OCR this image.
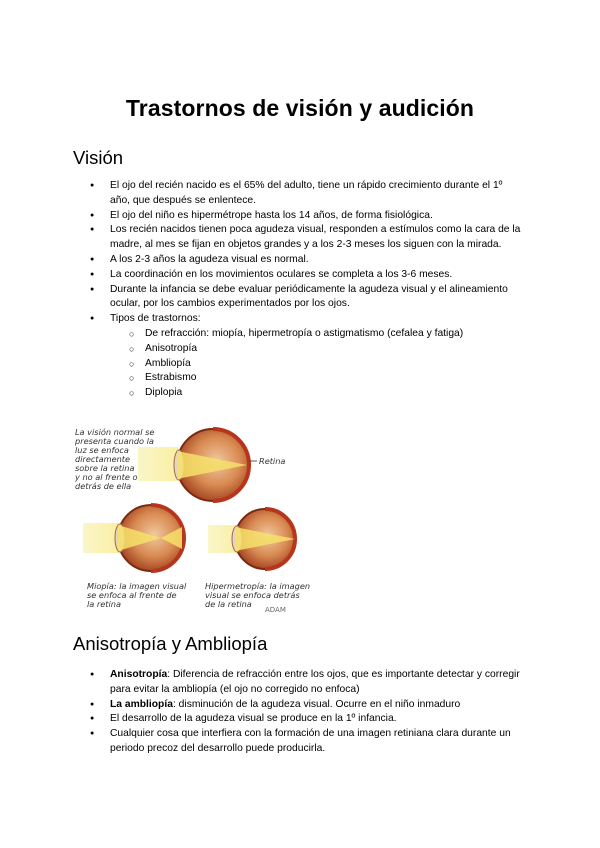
Trastornos de visión y audición
Visión
● El ojo del recién nacido es el 65% del adulto, tiene un rápido crecimiento durante el 1º año, que después se enlentece.
● El ojo del niño es hipermétrope hasta los 14 años, de forma fisiológica.
● Los recién nacidos tienen poca agudeza visual, responden a estímulos como la cara de la madre, al mes se fijan en objetos grandes y a los 2-3 meses los siguen con la mirada.
● A los 2-3 años la agudeza visual es normal.
● La coordinación en los movimientos oculares se completa a los 3-6 meses.
● Durante la infancia se debe evaluar periódicamente la agudeza visual y el alineamiento ocular, por los cambios experimentados por los ojos.
● Tipos de trastornos:
○ De refracción: miopía, hipermetropía o astigmatismo (cefalea y fatiga)
○ Anisotropía
○ Ambliopía
○ Estrabismo
○ Diplopia
La visión normal se
presenta cuando la
luz se enfoca
directamente
sobre la retina
y no al frente o
detrás de ella
Retina
Miopía: la imagen visual
se enfoca al frente de
la retina
Hipermetropía: la imagen
visual se enfoca detrás
de la retina
ADAM
Anisotropía y Ambliopía
● Anisotropía: Diferencia de refracción entre los ojos, que es importante detectar y corregir para evitar la ambliopía (el ojo no corregido no enfoca)
● La ambliopía: disminución de la agudeza visual. Ocurre en el niño inmaduro
● El desarrollo de la agudeza visual se produce en la 1º infancia.
● Cualquier cosa que interfiera con la formación de una imagen retiniana clara durante un periodo precoz del desarrollo puede producirla.
